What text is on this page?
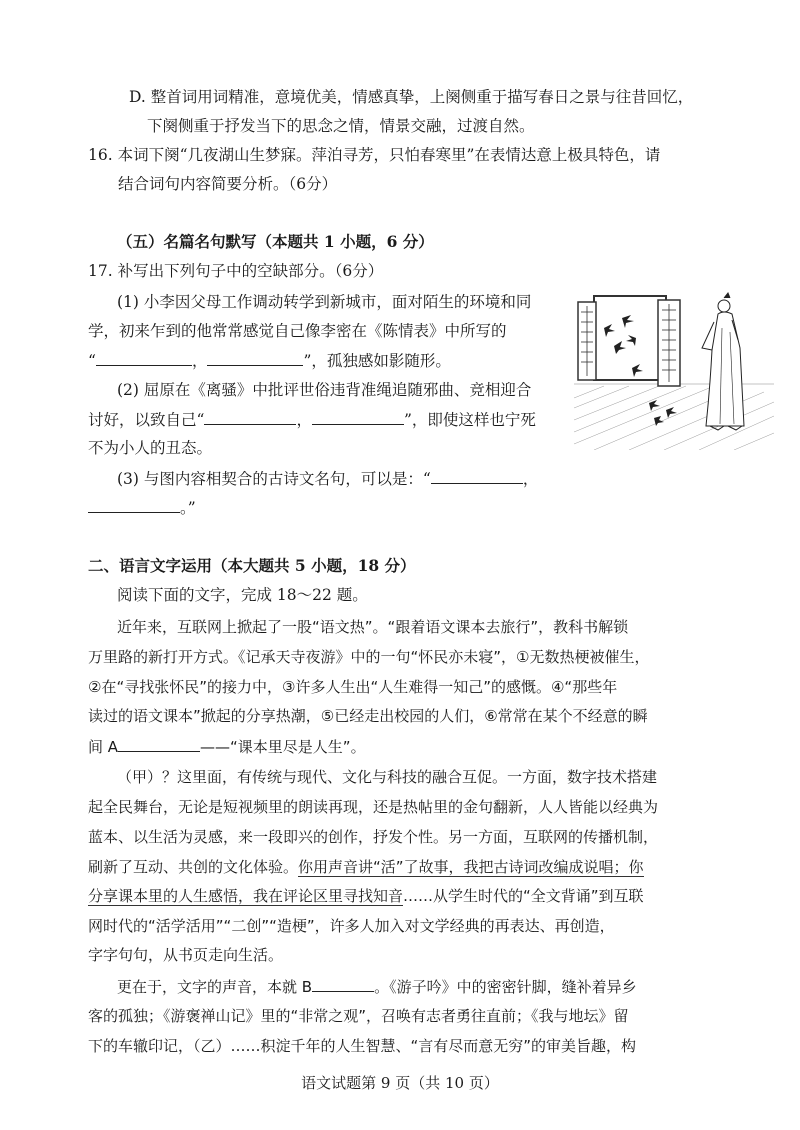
D. 整首词用词精准，意境优美，情感真挚，上阕侧重于描写春日之景与往昔回忆，
下阕侧重于抒发当下的思念之情，情景交融，过渡自然。
16. 本词下阕“几夜湖山生梦寐。萍泊寻芳，只怕春寒里”在表情达意上极具特色，请
结合词句内容简要分析。（6分）
（五）名篇名句默写（本题共 1 小题，6 分）
17. 补写出下列句子中的空缺部分。（6分）
(1) 小李因父母工作调动转学到新城市，面对陌生的环境和同
学，初来乍到的他常常感觉自己像李密在《陈情表》中所写的
“	，	”，孤独感如影随形。
(2) 屈原在《离骚》中批评世俗违背准绳追随邪曲、竞相迎合
讨好，以致自己“	，	”，即使这样也宁死
不为小人的丑态。
(3) 与图内容相契合的古诗文名句，可以是：“	，
。”
二、语言文字运用（本大题共 5 小题，18 分）
阅读下面的文字，完成 18～22 题。
近年来，互联网上掀起了一股“语文热”。“跟着语文课本去旅行”，教科书解锁
万里路的新打开方式。《记承天寺夜游》中的一句“怀民亦未寝”，①无数热梗被催生，
②在“寻找张怀民”的接力中，③许多人生出“人生难得一知己”的感慨。④“那些年
读过的语文课本”掀起的分享热潮，⑤已经走出校园的人们，⑥常常在某个不经意的瞬
间 A	——“课本里尽是人生”。
（甲）？这里面，有传统与现代、文化与科技的融合互促。一方面，数字技术搭建
起全民舞台，无论是短视频里的朗读再现，还是热帖里的金句翻新，人人皆能以经典为
蓝本、以生活为灵感，来一段即兴的创作，抒发个性。另一方面，互联网的传播机制，
刷新了互动、共创的文化体验。你用声音讲“活”了故事，我把古诗词改编成说唱；你
分享课本里的人生感悟，我在评论区里寻找知音……从学生时代的“全文背诵”到互联
网时代的“活学活用”“二创”“造梗”，许多人加入对文学经典的再表达、再创造，
字字句句，从书页走向生活。
更在于，文字的声音，本就 B	。《游子吟》中的密密针脚，缝补着异乡
客的孤独；《游褒禅山记》里的“非常之观”，召唤有志者勇往直前；《我与地坛》留
下的车辙印记，（乙）……积淀千年的人生智慧、“言有尽而意无穷”的审美旨趣，构
语文试题第 9 页（共 10 页）
